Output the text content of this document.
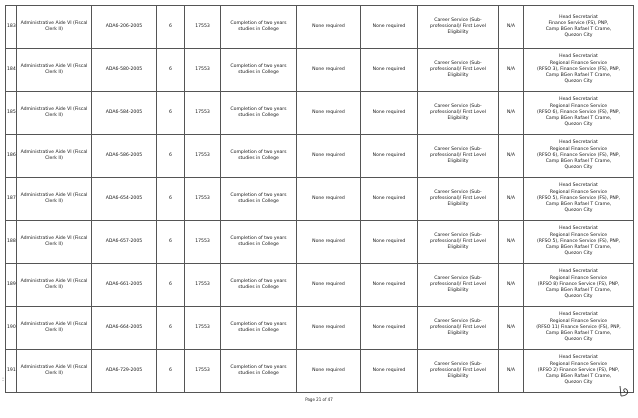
183	Administrative Aide VI (Fiscal Clerk II)	ADA6-206-2005	6	17553	Completion of two years studies in College	None required	None required	Career Service (Sub-professional)/ First Level Eligibility	N/A	Head Secretariat
Finance Service (FS), PNP,
Camp BGen Rafael T Crame,
Quezon City

184	Administrative Aide VI (Fiscal Clerk II)	ADA6-580-2005	6	17553	Completion of two years studies in College	None required	None required	Career Service (Sub-professional)/ First Level Eligibility	N/A	Head Secretariat
Regional Finance Service
(RFSO 3), Finance Service (FS), PNP,
Camp BGen Rafael T Crame,
Quezon City

185	Administrative Aide VI (Fiscal Clerk II)	ADA6-584-2005	6	17553	Completion of two years studies in College	None required	None required	Career Service (Sub-professional)/ First Level Eligibility	N/A	Head Secretariat
Regional Finance Service
(RFSO 6), Finance Service (FS), PNP,
Camp BGen Rafael T Crame,
Quezon City

186	Administrative Aide VI (Fiscal Clerk II)	ADA6-586-2005	6	17553	Completion of two years studies in College	None required	None required	Career Service (Sub-professional)/ First Level Eligibility	N/A	Head Secretariat
Regional Finance Service
(RFSO 6), Finance Service (FS), PNP,
Camp BGen Rafael T Crame,
Quezon City

187	Administrative Aide VI (Fiscal Clerk II)	ADA6-654-2005	6	17553	Completion of two years studies in College	None required	None required	Career Service (Sub-professional)/ First Level Eligibility	N/A	Head Secretariat
Regional Finance Service
(RFSO 5), Finance Service (FS), PNP,
Camp BGen Rafael T Crame,
Quezon City

188	Administrative Aide VI (Fiscal Clerk II)	ADA6-657-2005	6	17553	Completion of two years studies in College	None required	None required	Career Service (Sub-professional)/ First Level Eligibility	N/A	Head Secretariat
Regional Finance Service
(RFSO 5), Finance Service (FS), PNP,
Camp BGen Rafael T Crame,
Quezon City

189	Administrative Aide VI (Fiscal Clerk II)	ADA6-661-2005	6	17553	Completion of two years studies in College	None required	None required	Career Service (Sub-professional)/ First Level Eligibility	N/A	Head Secretariat
Regional Finance Service
(RFSO 8) Finance Service (FS), PNP,
Camp BGen Rafael T Crame,
Quezon City

190	Administrative Aide VI (Fiscal Clerk II)	ADA6-664-2005	6	17553	Completion of two years studies in College	None required	None required	Career Service (Sub-professional)/ First Level Eligibility	N/A	Head Secretariat
Regional Finance Service
(RFSO 11) Finance Service (FS), PNP,
Camp BGen Rafael T Crame,
Quezon City

191	Administrative Aide VI (Fiscal Clerk II)	ADA6-729-2005	6	17553	Completion of two years studies in College	None required	None required	Career Service (Sub-professional)/ First Level Eligibility	N/A	Head Secretariat
Regional Finance Service
(RFSO 2) Finance Service (FS), PNP,
Camp BGen Rafael T Crame,
Quezon City
:
Page 21 of 47
